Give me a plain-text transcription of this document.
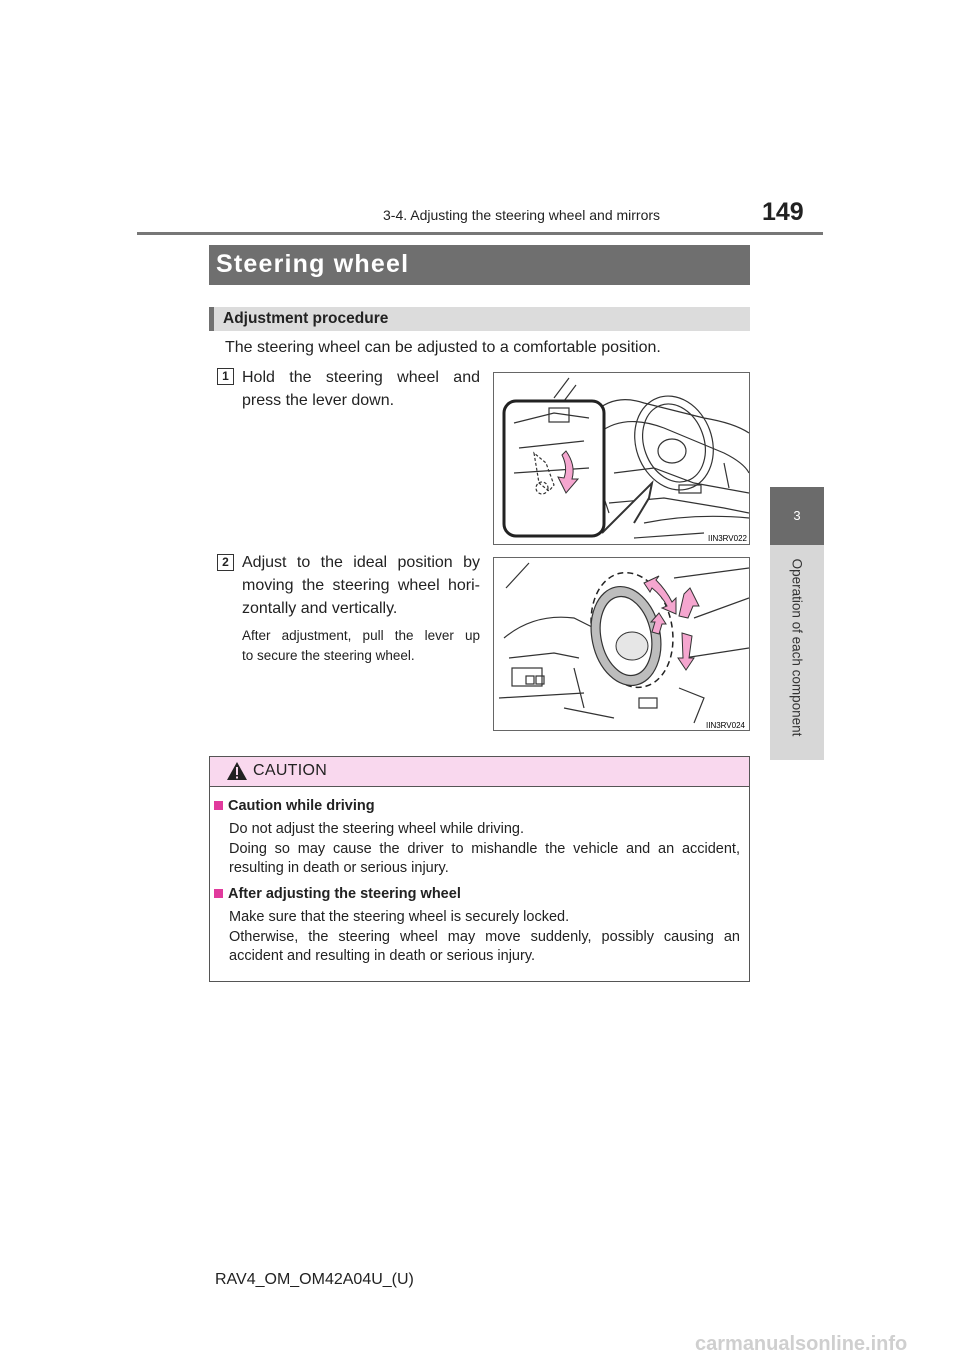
3-4. Adjusting the steering wheel and mirrors	149
3
Operation of each component
Steering wheel
Adjustment procedure
The steering wheel can be adjusted to a comfortable position.
1 Hold the steering wheel and
press the lever down.
IIN3RV022
2 Adjust to the ideal position by
moving the steering wheel hori-
zontally and vertically.
After adjustment, pull the lever up
to secure the steering wheel.
IIN3RV024
CAUTION
Caution while driving
Do not adjust the steering wheel while driving.
Doing so may cause the driver to mishandle the vehicle and an accident,
resulting in death or serious injury.
After adjusting the steering wheel
Make sure that the steering wheel is securely locked.
Otherwise, the steering wheel may move suddenly, possibly causing an
accident and resulting in death or serious injury.
RAV4_OM_OM42A04U_(U)
carmanualsonline.info
